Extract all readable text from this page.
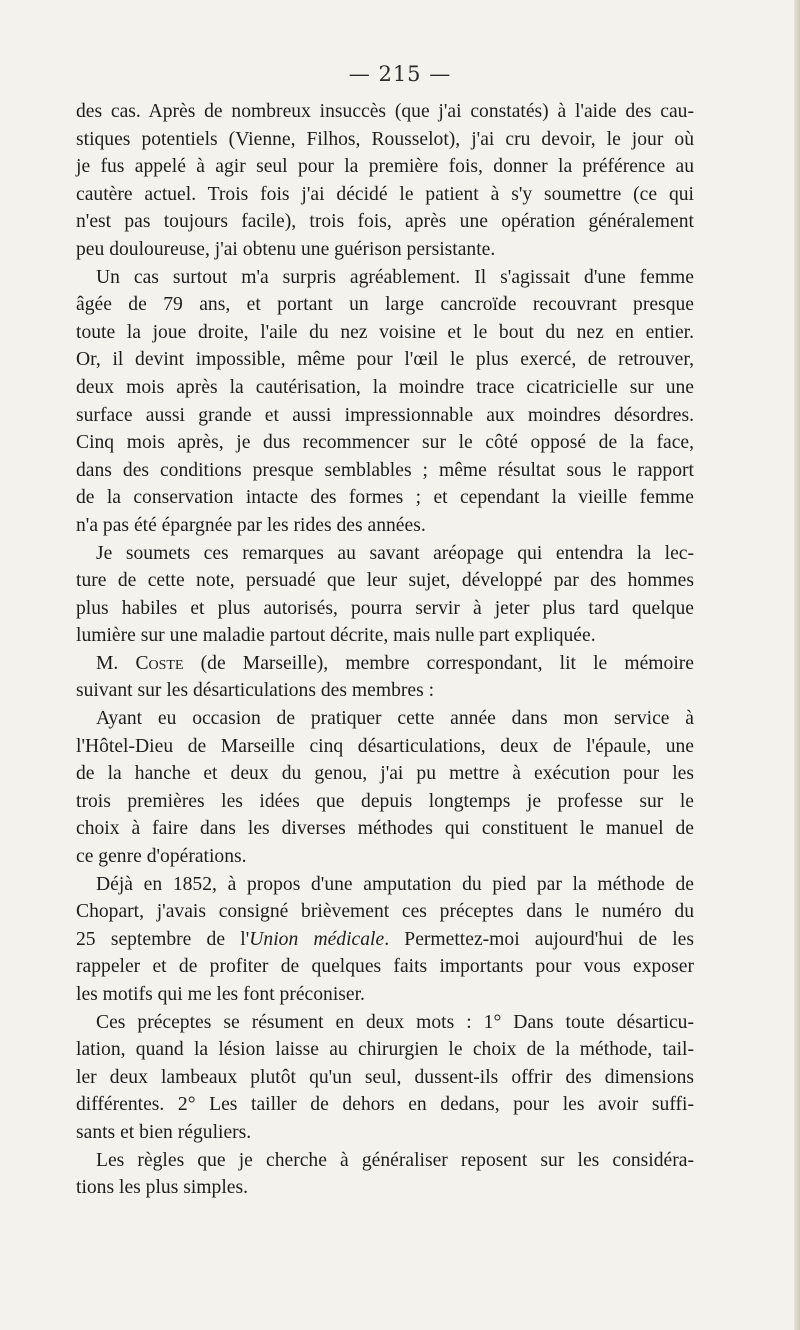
— 215 —

des cas. Après de nombreux insuccès (que j'ai constatés) à l'aide des cau-
stiques potentiels (Vienne, Filhos, Rousselot), j'ai cru devoir, le jour où
je fus appelé à agir seul pour la première fois, donner la préférence au
cautère actuel. Trois fois j'ai décidé le patient à s'y soumettre (ce qui
n'est pas toujours facile), trois fois, après une opération généralement
peu douloureuse, j'ai obtenu une guérison persistante.

Un cas surtout m'a surpris agréablement. Il s'agissait d'une femme
âgée de 79 ans, et portant un large cancroïde recouvrant presque
toute la joue droite, l'aile du nez voisine et le bout du nez en entier.
Or, il devint impossible, même pour l'œil le plus exercé, de retrouver,
deux mois après la cautérisation, la moindre trace cicatricielle sur une
surface aussi grande et aussi impressionnable aux moindres désordres.
Cinq mois après, je dus recommencer sur le côté opposé de la face,
dans des conditions presque semblables ; même résultat sous le rapport
de la conservation intacte des formes ; et cependant la vieille femme
n'a pas été épargnée par les rides des années.

Je soumets ces remarques au savant aréopage qui entendra la lec-
ture de cette note, persuadé que leur sujet, développé par des hommes
plus habiles et plus autorisés, pourra servir à jeter plus tard quelque
lumière sur une maladie partout décrite, mais nulle part expliquée.

M. Coste (de Marseille), membre correspondant, lit le mémoire
suivant sur les désarticulations des membres :

Ayant eu occasion de pratiquer cette année dans mon service à
l'Hôtel-Dieu de Marseille cinq désarticulations, deux de l'épaule, une
de la hanche et deux du genou, j'ai pu mettre à exécution pour les
trois premières les idées que depuis longtemps je professe sur le
choix à faire dans les diverses méthodes qui constituent le manuel de
ce genre d'opérations.

Déjà en 1852, à propos d'une amputation du pied par la méthode de
Chopart, j'avais consigné brièvement ces préceptes dans le numéro du
25 septembre de l'Union médicale. Permettez-moi aujourd'hui de les
rappeler et de profiter de quelques faits importants pour vous exposer
les motifs qui me les font préconiser.

Ces préceptes se résument en deux mots : 1° Dans toute désarticu-
lation, quand la lésion laisse au chirurgien le choix de la méthode, tail-
ler deux lambeaux plutôt qu'un seul, dussent-ils offrir des dimensions
différentes. 2° Les tailler de dehors en dedans, pour les avoir suffi-
sants et bien réguliers.

Les règles que je cherche à généraliser reposent sur les considéra-
tions les plus simples.
